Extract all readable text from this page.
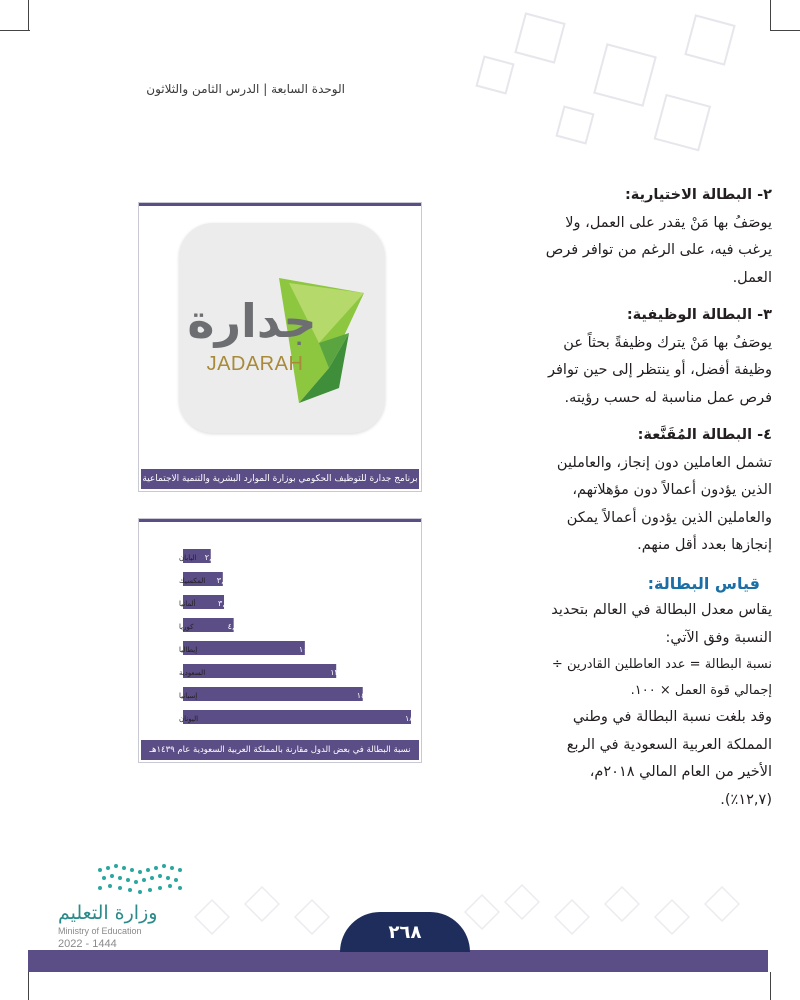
الوحدة السابعة | الدرس الثامن والثلاثون
٢- البطالة الاختيارية:

يوصَفُ بها مَنْ يقدر على العمل، ولا

يرغب فيه، على الرغم من توافر فرص

العمل.

٣- البطالة الوظيفية:

يوصَفُ بها مَنْ يترك وظيفةً بحثاً عن

وظيفة أفضل، أو ينتظر إلى حين توافر

فرص عمل مناسبة له حسب رؤيته.

٤- البطالة المُقَنَّعة:

تشمل العاملين دون إنجاز، والعاملين

الذين يؤدون أعمالاً دون مؤهلاتهم،

والعاملين الذين يؤدون أعمالاً يمكن

إنجازها بعدد أقل منهم.

قياس البطالة:

يقاس معدل البطالة في العالم بتحديد

النسبة وفق الآتي:

نسبة البطالة = عدد العاطلين القادرين ÷

إجمالي قوة العمل × ١٠٠.

وقد بلغت نسبة البطالة في وطني

المملكة العربية السعودية في الربع

الأخير من العام المالي ٢٠١٨م،

(١٢,٧٪).

جدارة
JADARAH
برنامج جدارة للتوظيف الحكومي بوزارة الموارد البشرية والتنمية الاجتماعية
اليابان ٢,٣
المكسيك ٣,٣
ألمانيا	٣,٤
كوريا	٤,٢
إيطاليا	١٠,١
السعودية	١٢,٧
إسبانيا	١٤,٩
اليونان	١٨,٩
نسبة البطالة في بعض الدول مقارنة بالمملكة العربية السعودية عام ١٤٣٩هـ
وزارة التعليم
Ministry of Education
2022 - 1444
٢٦٨
